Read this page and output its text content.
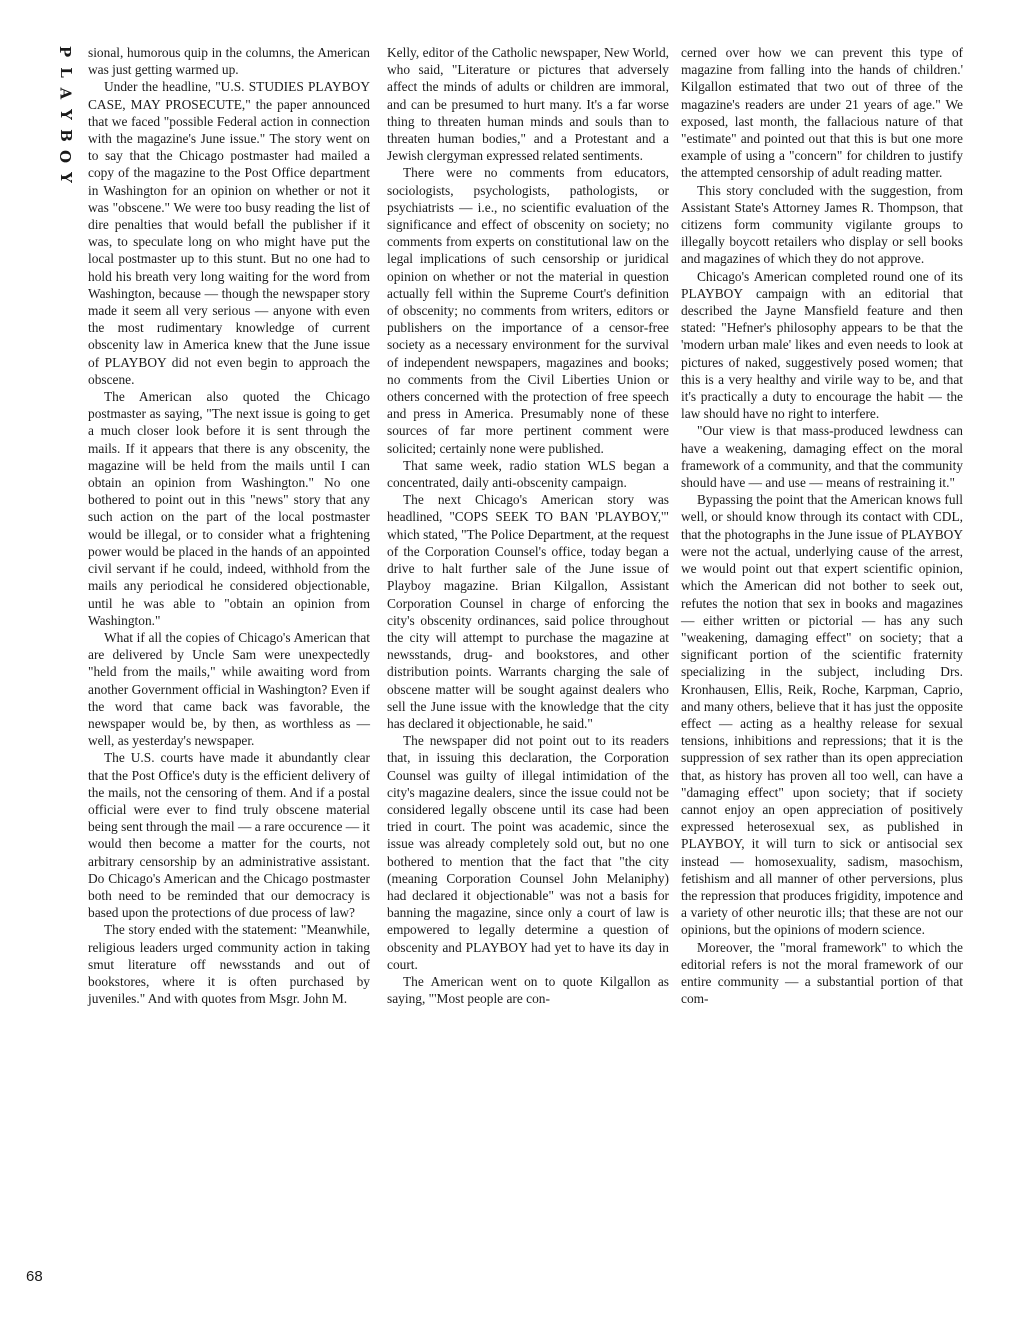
P
L
A
Y
B
O
Y

sional, humorous quip in the columns, the American was just getting warmed up.

Under the headline, "U.S. STUDIES PLAYBOY CASE, MAY PROSECUTE," the paper announced that we faced "possible Federal action in connection with the magazine's June issue." The story went on to say that the Chicago postmaster had mailed a copy of the magazine to the Post Office department in Washington for an opinion on whether or not it was "obscene." We were too busy reading the list of dire penalties that would befall the publisher if it was, to speculate long on who might have put the local postmaster up to this stunt. But no one had to hold his breath very long waiting for the word from Washington, because — though the newspaper story made it seem all very serious — anyone with even the most rudimentary knowledge of current obscenity law in America knew that the June issue of PLAYBOY did not even begin to approach the obscene.

The American also quoted the Chicago postmaster as saying, "The next issue is going to get a much closer look before it is sent through the mails. If it appears that there is any obscenity, the magazine will be held from the mails until I can obtain an opinion from Washington." No one bothered to point out in this "news" story that any such action on the part of the local postmaster would be illegal, or to consider what a frightening power would be placed in the hands of an appointed civil servant if he could, indeed, withhold from the mails any periodical he considered objectionable, until he was able to "obtain an opinion from Washington."

What if all the copies of Chicago's American that are delivered by Uncle Sam were unexpectedly "held from the mails," while awaiting word from another Government official in Washington? Even if the word that came back was favorable, the newspaper would be, by then, as worthless as — well, as yesterday's newspaper.

The U.S. courts have made it abundantly clear that the Post Office's duty is the efficient delivery of the mails, not the censoring of them. And if a postal official were ever to find truly obscene material being sent through the mail — a rare occurence — it would then become a matter for the courts, not arbitrary censorship by an administrative assistant. Do Chicago's American and the Chicago postmaster both need to be reminded that our democracy is based upon the protections of due process of law?

The story ended with the statement: "Meanwhile, religious leaders urged community action in taking smut literature off newsstands and out of bookstores, where it is often purchased by juveniles." And with quotes from Msgr. John M.

Kelly, editor of the Catholic newspaper, New World, who said, "Literature or pictures that adversely affect the minds of adults or children are immoral, and can be presumed to hurt many. It's a far worse thing to threaten human minds and souls than to threaten human bodies," and a Protestant and a Jewish clergyman expressed related sentiments.

There were no comments from educators, sociologists, psychologists, pathologists, or psychiatrists — i.e., no scientific evaluation of the significance and effect of obscenity on society; no comments from experts on constitutional law on the legal implications of such censorship or juridical opinion on whether or not the material in question actually fell within the Supreme Court's definition of obscenity; no comments from writers, editors or publishers on the importance of a censor-free society as a necessary environment for the survival of independent newspapers, magazines and books; no comments from the Civil Liberties Union or others concerned with the protection of free speech and press in America. Presumably none of these sources of far more pertinent comment were solicited; certainly none were published.

That same week, radio station WLS began a concentrated, daily anti-obscenity campaign.

The next Chicago's American story was headlined, "COPS SEEK TO BAN 'PLAYBOY,'" which stated, "The Police Department, at the request of the Corporation Counsel's office, today began a drive to halt further sale of the June issue of Playboy magazine. Brian Kilgallon, Assistant Corporation Counsel in charge of enforcing the city's obscenity ordinances, said police throughout the city will attempt to purchase the magazine at newsstands, drug- and bookstores, and other distribution points. Warrants charging the sale of obscene matter will be sought against dealers who sell the June issue with the knowledge that the city has declared it objectionable, he said."

The newspaper did not point out to its readers that, in issuing this declaration, the Corporation Counsel was guilty of illegal intimidation of the city's magazine dealers, since the issue could not be considered legally obscene until its case had been tried in court. The point was academic, since the issue was already completely sold out, but no one bothered to mention that the fact that "the city (meaning Corporation Counsel John Melaniphy) had declared it objectionable" was not a basis for banning the magazine, since only a court of law is empowered to legally determine a question of obscenity and PLAYBOY had yet to have its day in court.

The American went on to quote Kilgallon as saying, "'Most people are con-

cerned over how we can prevent this type of magazine from falling into the hands of children.' Kilgallon estimated that two out of three of the magazine's readers are under 21 years of age." We exposed, last month, the fallacious nature of that "estimate" and pointed out that this is but one more example of using a "concern" for children to justify the attempted censorship of adult reading matter.

This story concluded with the suggestion, from Assistant State's Attorney James R. Thompson, that citizens form community vigilante groups to illegally boycott retailers who display or sell books and magazines of which they do not approve.

Chicago's American completed round one of its PLAYBOY campaign with an editorial that described the Jayne Mansfield feature and then stated: "Hefner's philosophy appears to be that the 'modern urban male' likes and even needs to look at pictures of naked, suggestively posed women; that this is a very healthy and virile way to be, and that it's practically a duty to encourage the habit — the law should have no right to interfere.

"Our view is that mass-produced lewdness can have a weakening, damaging effect on the moral framework of a community, and that the community should have — and use — means of restraining it."

Bypassing the point that the American knows full well, or should know through its contact with CDL, that the photographs in the June issue of PLAYBOY were not the actual, underlying cause of the arrest, we would point out that expert scientific opinion, which the American did not bother to seek out, refutes the notion that sex in books and magazines — either written or pictorial — has any such "weakening, damaging effect" on society; that a significant portion of the scientific fraternity specializing in the subject, including Drs. Kronhausen, Ellis, Reik, Roche, Karpman, Caprio, and many others, believe that it has just the opposite effect — acting as a healthy release for sexual tensions, inhibitions and repressions; that it is the suppression of sex rather than its open appreciation that, as history has proven all too well, can have a "damaging effect" upon society; that if society cannot enjoy an open appreciation of positively expressed heterosexual sex, as published in PLAYBOY, it will turn to sick or antisocial sex instead — homosexuality, sadism, masochism, fetishism and all manner of other perversions, plus the repression that produces frigidity, impotence and a variety of other neurotic ills; that these are not our opinions, but the opinions of modern science.

Moreover, the "moral framework" to which the editorial refers is not the moral framework of our entire community — a substantial portion of that com-

68
